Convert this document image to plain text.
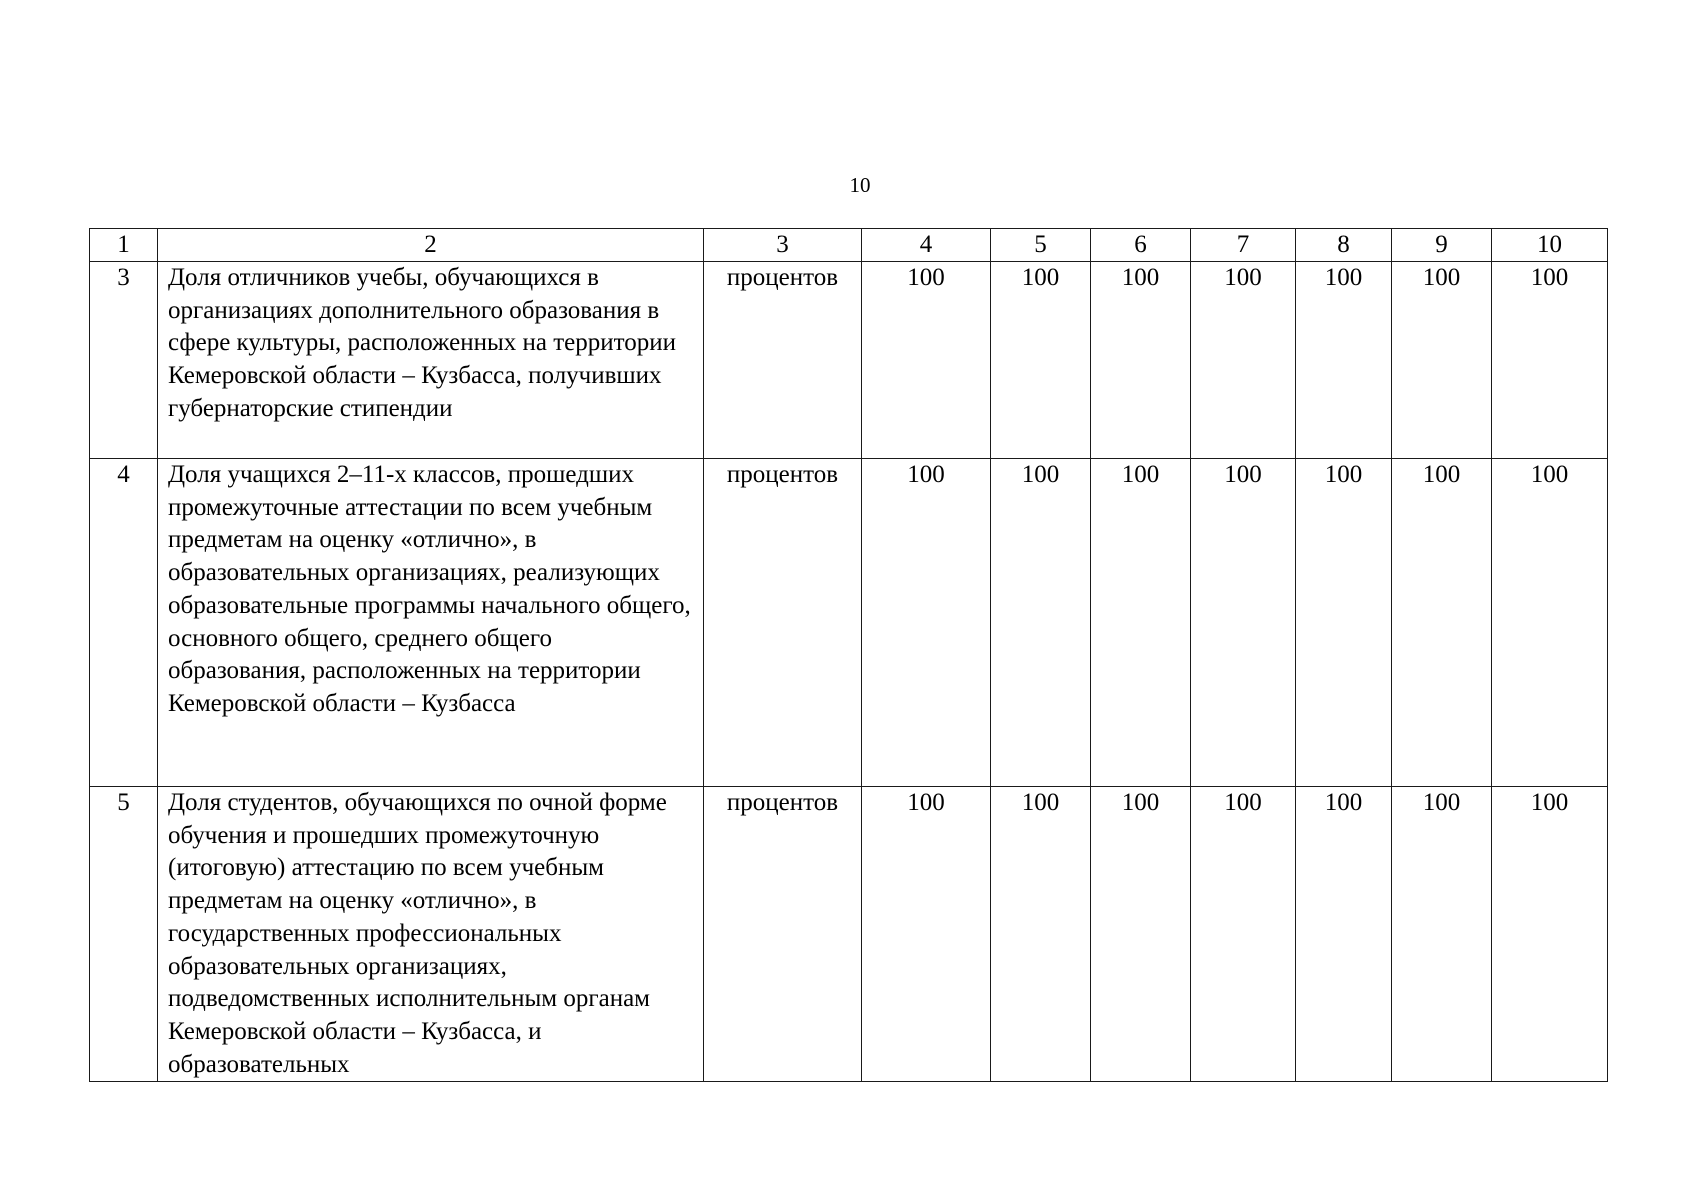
10
1	2	3	4	5	6	7	8	9	10
3	Доля отличников учебы, обучающихся в организациях дополнительного образования в сфере культуры, расположенных на территории Кемеровской области – Кузбасса, получивших губернаторские стипендии	процентов	100	100	100	100	100	100	100
4	Доля учащихся 2–11-х классов, прошедших промежуточные аттестации по всем учебным предметам на оценку «отлично», в образовательных организациях, реализующих образовательные программы начального общего, основного общего, среднего общего образования, расположенных на территории Кемеровской области – Кузбасса	процентов	100	100	100	100	100	100	100
5	Доля студентов, обучающихся по очной форме обучения и прошедших промежуточную (итоговую) аттестацию по всем учебным предметам на оценку «отлично», в государственных профессиональных образовательных организациях, подведомственных исполнительным органам Кемеровской области – Кузбасса, и образовательных	процентов	100	100	100	100	100	100	100
